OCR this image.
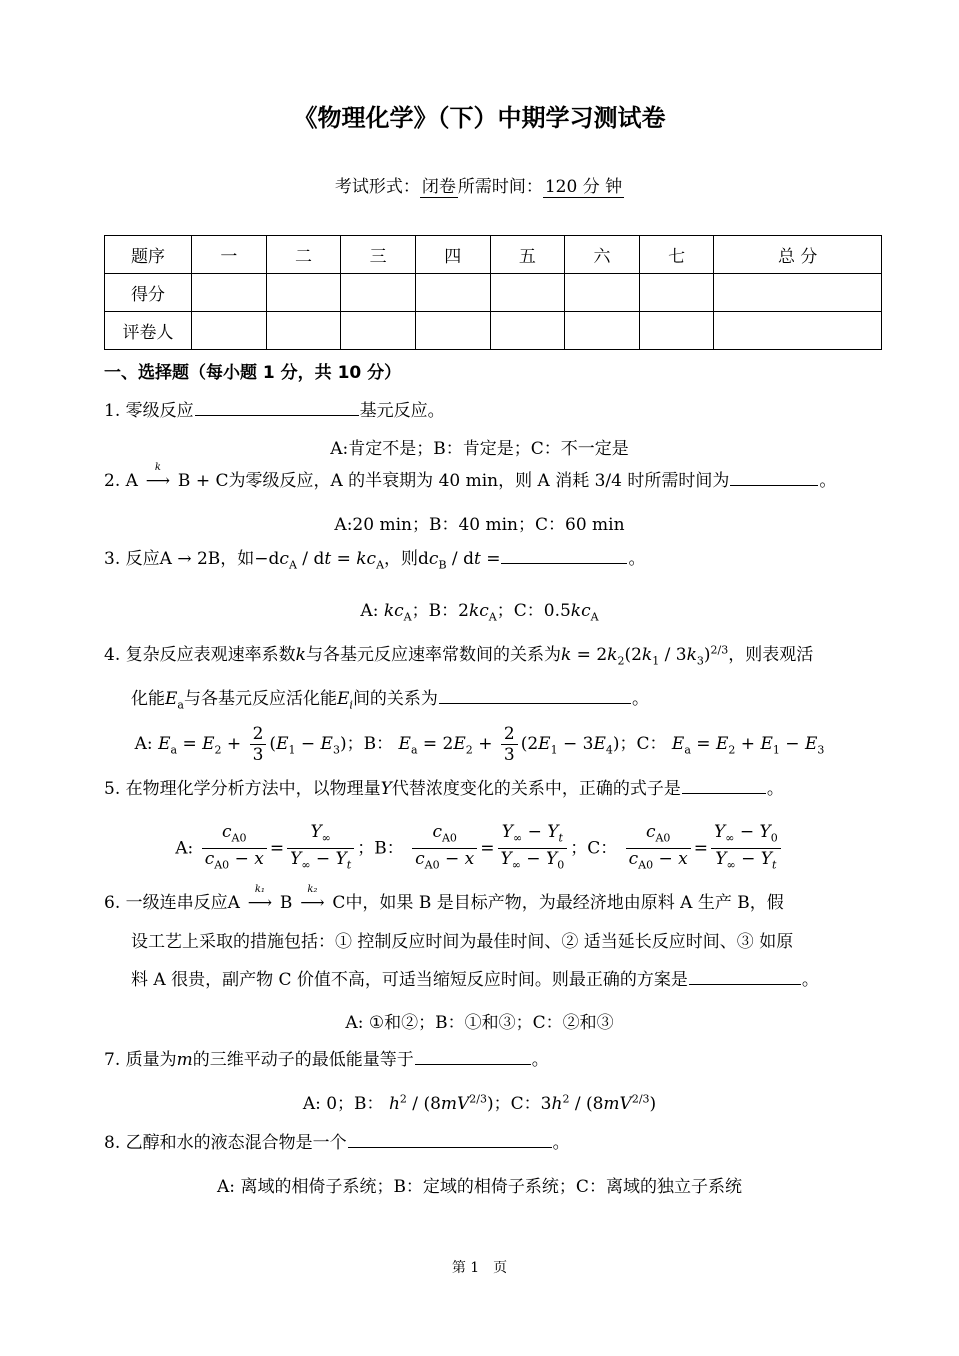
《物理化学》（下）中期学习测试卷
考试形式： 闭卷 所需时间： 120 分 钟
题序	一	二	三	四	五	六	七	总 分
得分								
评卷人								
一、选择题（每小题 1 分，共 10 分）
1. 零级反应	基元反应。
A:肯定不是；B：肯定是；C：不一定是
2. A
k
⟶ B + C为零级反应，A 的半衰期为 40 min，则 A 消耗 3/4 时所需时间为	。
A:20 min；B：40 min；C：60 min
3. 反应A → 2B，如$-dc_A$ / dt = $kc_A$，则$dc_B$ / dt =	。
A: $kc_A$；B：$2kc_A$；C：$0.5kc_A$
4. 复杂反应表观速率系数k与各基元反应速率常数间的关系为$k = 2k_2(2k_1 / 3k_3)^{2/3}$，则表观活
化能$E_a$与各基元反应活化能$E_i$间的关系为	。
A: $E_a = E_2 + \frac{2}{3} (E_1 - E_3)$；B： $E_a = 2E_2 + \frac{2}{3} (2E_1 - 3E_4)$；C： $E_a = E_2 + E_1 - E_3$
5. 在物理化学分析方法中，以物理量Y代替浓度变化的关系中，正确的式子是	。
A: $\frac{c_{A0}}{c_{A0} - x} = \frac{Y_\infty}{Y_\infty - Y_t}$ ；B： $\frac{c_{A0}}{c_{A0} - x} = \frac{Y_\infty - Y_t}{Y_\infty - Y_0}$ ；C： $\frac{c_{A0}}{c_{A0} - x} = \frac{Y_\infty - Y_0}{Y_\infty - Y_t}$
6. 一级连串反应A
k₁
⟶ B
k₂
⟶ C中，如果 B 是目标产物，为最经济地由原料 A 生产 B，假
设工艺上采取的措施包括：① 控制反应时间为最佳时间、② 适当延长反应时间、③ 如原
料 A 很贵，副产物 C 价值不高，可适当缩短反应时间。则最正确的方案是	。
A: ①和②；B：①和③；C：②和③
7. 质量为m的三维平动子的最低能量等于	。
A: 0；B： $h^2 / (8mV^{2/3})$；C：$3h^2 / (8mV^{2/3})$
8. 乙醇和水的液态混合物是一个	。
A: 离域的相倚子系统；B：定域的相倚子系统；C：离域的独立子系统
第 1　页
